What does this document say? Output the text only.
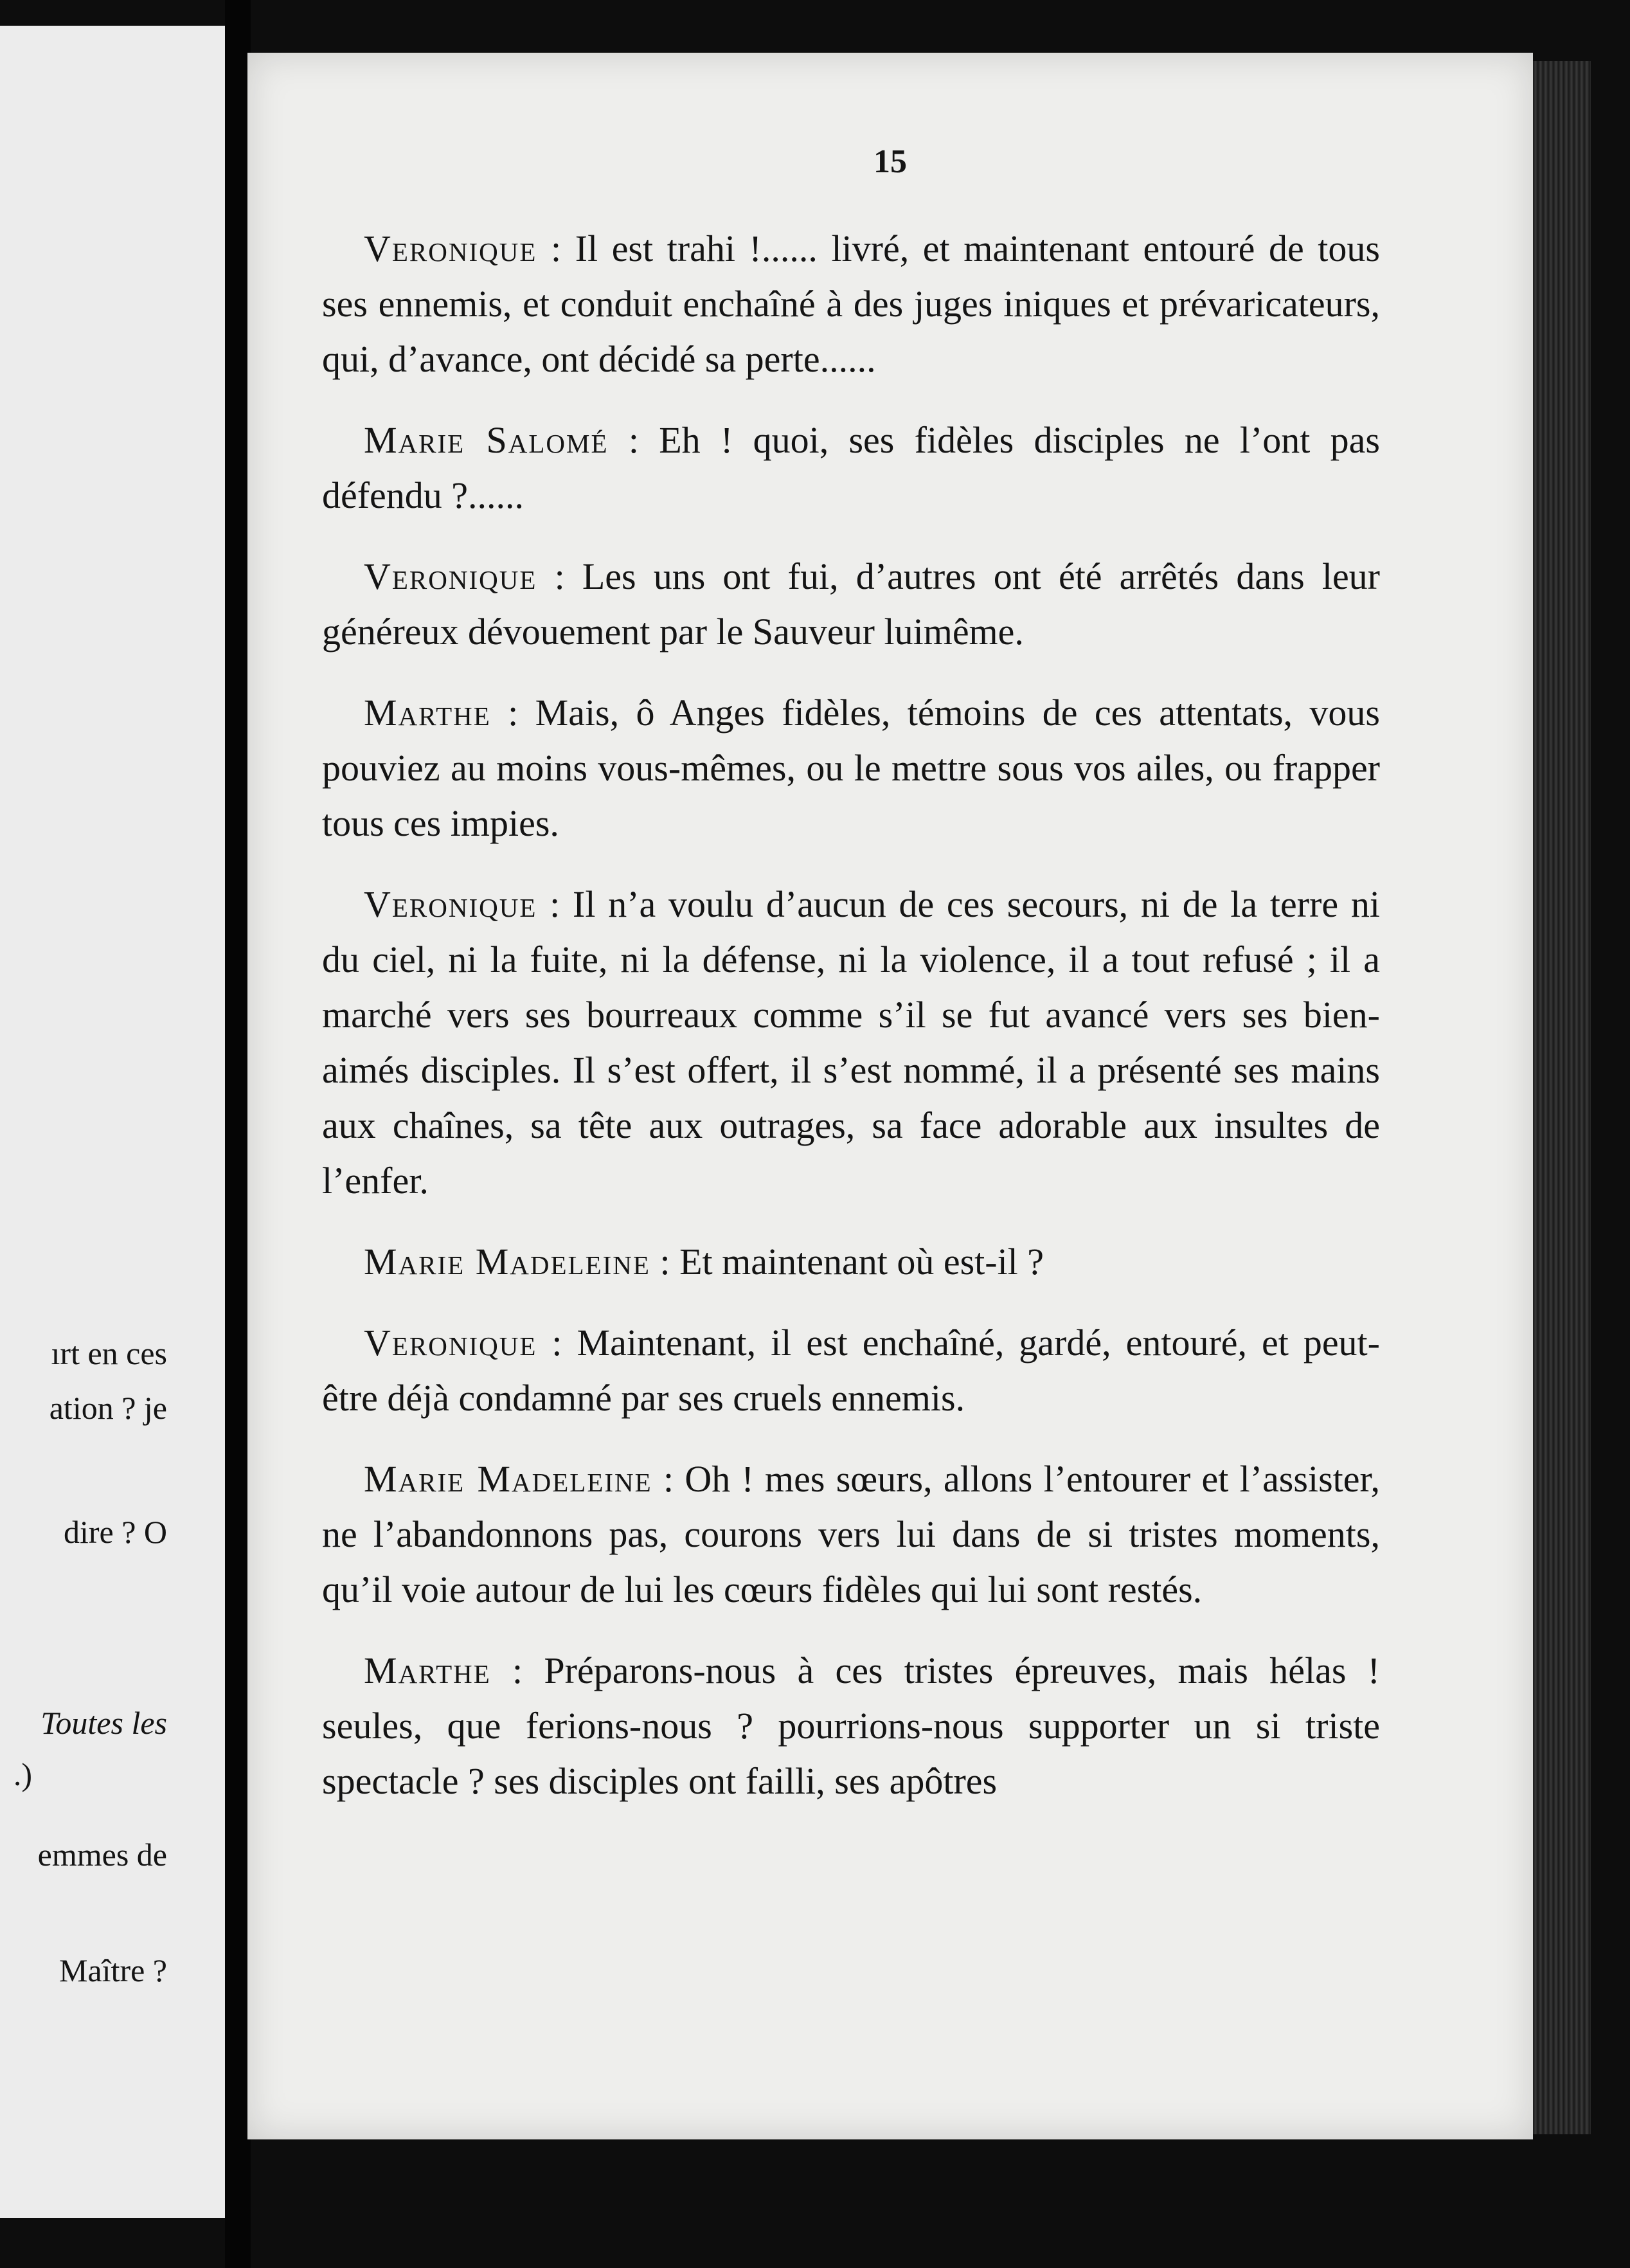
ırt en ces
ation ? je
dire ? O
Toutes les
.)
emmes de
Maître ?
15

Veronique : Il est trahi !...... livré, et maintenant entouré de tous ses ennemis, et conduit enchaîné à des juges iniques et prévaricateurs, qui, d’avance, ont décidé sa perte......

Marie Salomé : Eh ! quoi, ses fidèles disciples ne l’ont pas défendu ?......

Veronique : Les uns ont fui, d’autres ont été arrêtés dans leur généreux dévouement par le Sauveur luimême.

Marthe : Mais, ô Anges fidèles, témoins de ces attentats, vous pouviez au moins vous-mêmes, ou le mettre sous vos ailes, ou frapper tous ces impies.

Veronique : Il n’a voulu d’aucun de ces secours, ni de la terre ni du ciel, ni la fuite, ni la défense, ni la violence, il a tout refusé ; il a marché vers ses bourreaux comme s’il se fut avancé vers ses bien-aimés disciples. Il s’est offert, il s’est nommé, il a présenté ses mains aux chaînes, sa tête aux outrages, sa face adorable aux insultes de l’enfer.

Marie Madeleine : Et maintenant où est-il ?

Veronique : Maintenant, il est enchaîné, gardé, entouré, et peut-être déjà condamné par ses cruels ennemis.

Marie Madeleine : Oh ! mes sœurs, allons l’entourer et l’assister, ne l’abandonnons pas, courons vers lui dans de si tristes moments, qu’il voie autour de lui les cœurs fidèles qui lui sont restés.

Marthe : Préparons-nous à ces tristes épreuves, mais hélas ! seules, que ferions-nous ? pourrions-nous supporter un si triste spectacle ? ses disciples ont failli, ses apôtres
